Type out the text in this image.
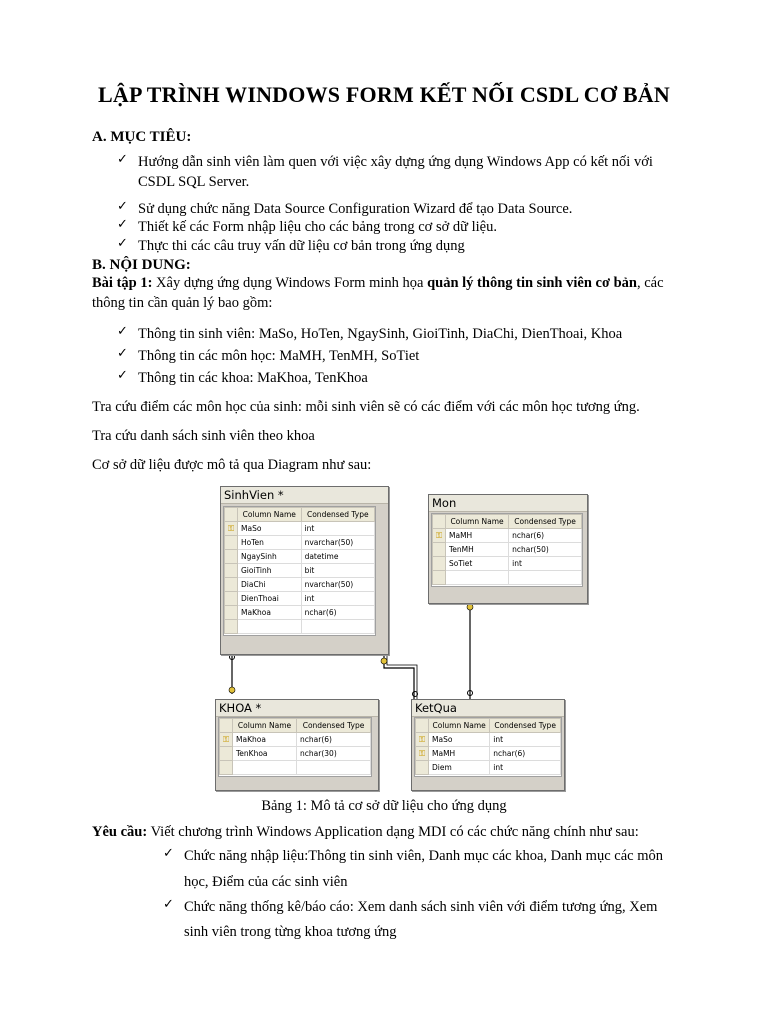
LẬP TRÌNH WINDOWS FORM KẾT NỐI CSDL CƠ BẢN
A. MỤC TIÊU:
✓ Hướng dẫn sinh viên làm quen với việc xây dựng ứng dụng Windows App có kết nối với
CSDL SQL Server.
✓ Sử dụng chức năng Data Source Configuration Wizard để tạo Data Source.
✓ Thiết kế các Form nhập liệu cho các bảng trong cơ sở dữ liệu.
✓ Thực thi các câu truy vấn dữ liệu cơ bản trong ứng dụng
B. NỘI DUNG:
Bài tập 1: Xây dựng ứng dụng Windows Form minh họa quản lý thông tin sinh viên cơ bản, các
thông tin cần quản lý bao gồm:
✓ Thông tin sinh viên: MaSo, HoTen, NgaySinh, GioiTinh, DiaChi, DienThoai, Khoa
✓ Thông tin các môn học: MaMH, TenMH, SoTiet
✓ Thông tin các khoa: MaKhoa, TenKhoa
Tra cứu điểm các môn học của sinh: mỗi sinh viên sẽ có các điểm với các môn học tương ứng.
Tra cứu danh sách sinh viên theo khoa
Cơ sở dữ liệu được mô tả qua Diagram như sau:
SinhVien *
	Column Name	Condensed Type
⚿	MaSo	int
	HoTen	nvarchar(50)
	NgaySinh	datetime
	GioiTinh	bit
	DiaChi	nvarchar(50)
	DienThoai	int
	MaKhoa	nchar(6)

Mon
	Column Name	Condensed Type
⚿	MaMH	nchar(6)
	TenMH	nchar(50)
	SoTiet	int

KHOA *
	Column Name	Condensed Type
⚿	MaKhoa	nchar(6)
	TenKhoa	nchar(30)

KetQua
	Column Name	Condensed Type
⚿	MaSo	int
⚿	MaMH	nchar(6)
	Diem	int
Bảng 1: Mô tả cơ sở dữ liệu cho ứng dụng
Yêu cầu: Viết chương trình Windows Application dạng MDI có các chức năng chính như sau:
✓ Chức năng nhập liệu:Thông tin sinh viên, Danh mục các khoa, Danh mục các môn
học, Điểm của các sinh viên
✓ Chức năng thống kê/báo cáo: Xem danh sách sinh viên với điểm tương ứng, Xem
sinh viên trong từng khoa tương ứng
